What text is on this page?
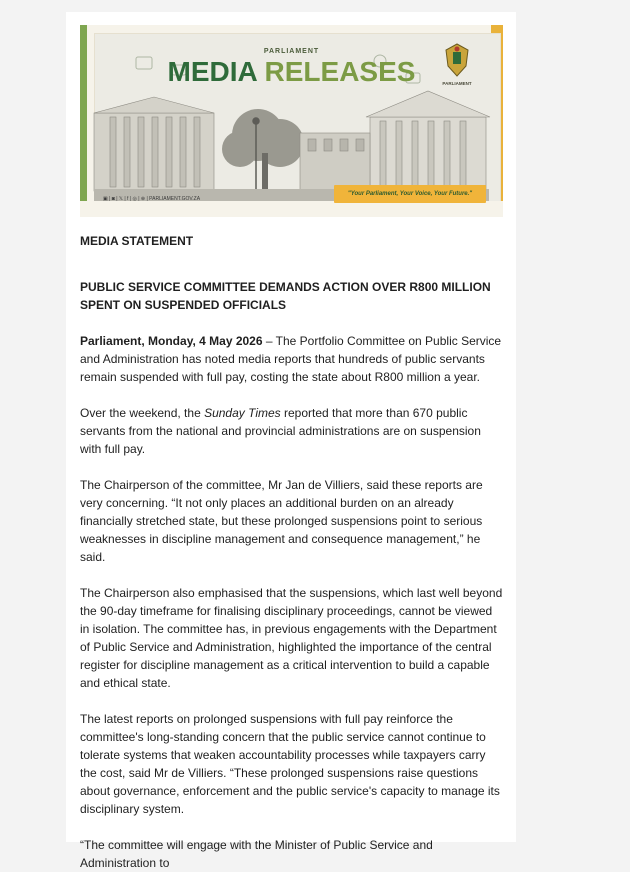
PARLIAMENT
MEDIA RELEASES	PARLIAMENT
▣ | ◙ | 𝕏 | f | ◎ | ⊕ | PARLIAMENT.GOV.ZA
"Your Parliament, Your Voice, Your Future."

MEDIA STATEMENT

PUBLIC SERVICE COMMITTEE DEMANDS ACTION OVER R800 MILLION SPENT ON SUSPENDED OFFICIALS

Parliament, Monday, 4 May 2026 – The Portfolio Committee on Public Service and Administration has noted media reports that hundreds of public servants remain suspended with full pay, costing the state about R800 million a year.

Over the weekend, the Sunday Times reported that more than 670 public servants from the national and provincial administrations are on suspension with full pay.

The Chairperson of the committee, Mr Jan de Villiers, said these reports are very concerning. “It not only places an additional burden on an already financially stretched state, but these prolonged suspensions point to serious weaknesses in discipline management and consequence management,” he said.

The Chairperson also emphasised that the suspensions, which last well beyond the 90-day timeframe for finalising disciplinary proceedings, cannot be viewed in isolation. The committee has, in previous engagements with the Department of Public Service and Administration, highlighted the importance of the central register for discipline management as a critical intervention to build a capable and ethical state.

The latest reports on prolonged suspensions with full pay reinforce the committee's long-standing concern that the public service cannot continue to tolerate systems that weaken accountability processes while taxpayers carry the cost, said Mr de Villiers. “These prolonged suspensions raise questions about governance, enforcement and the public service's capacity to manage its disciplinary system.

“The committee will engage with the Minister of Public Service and Administration to
